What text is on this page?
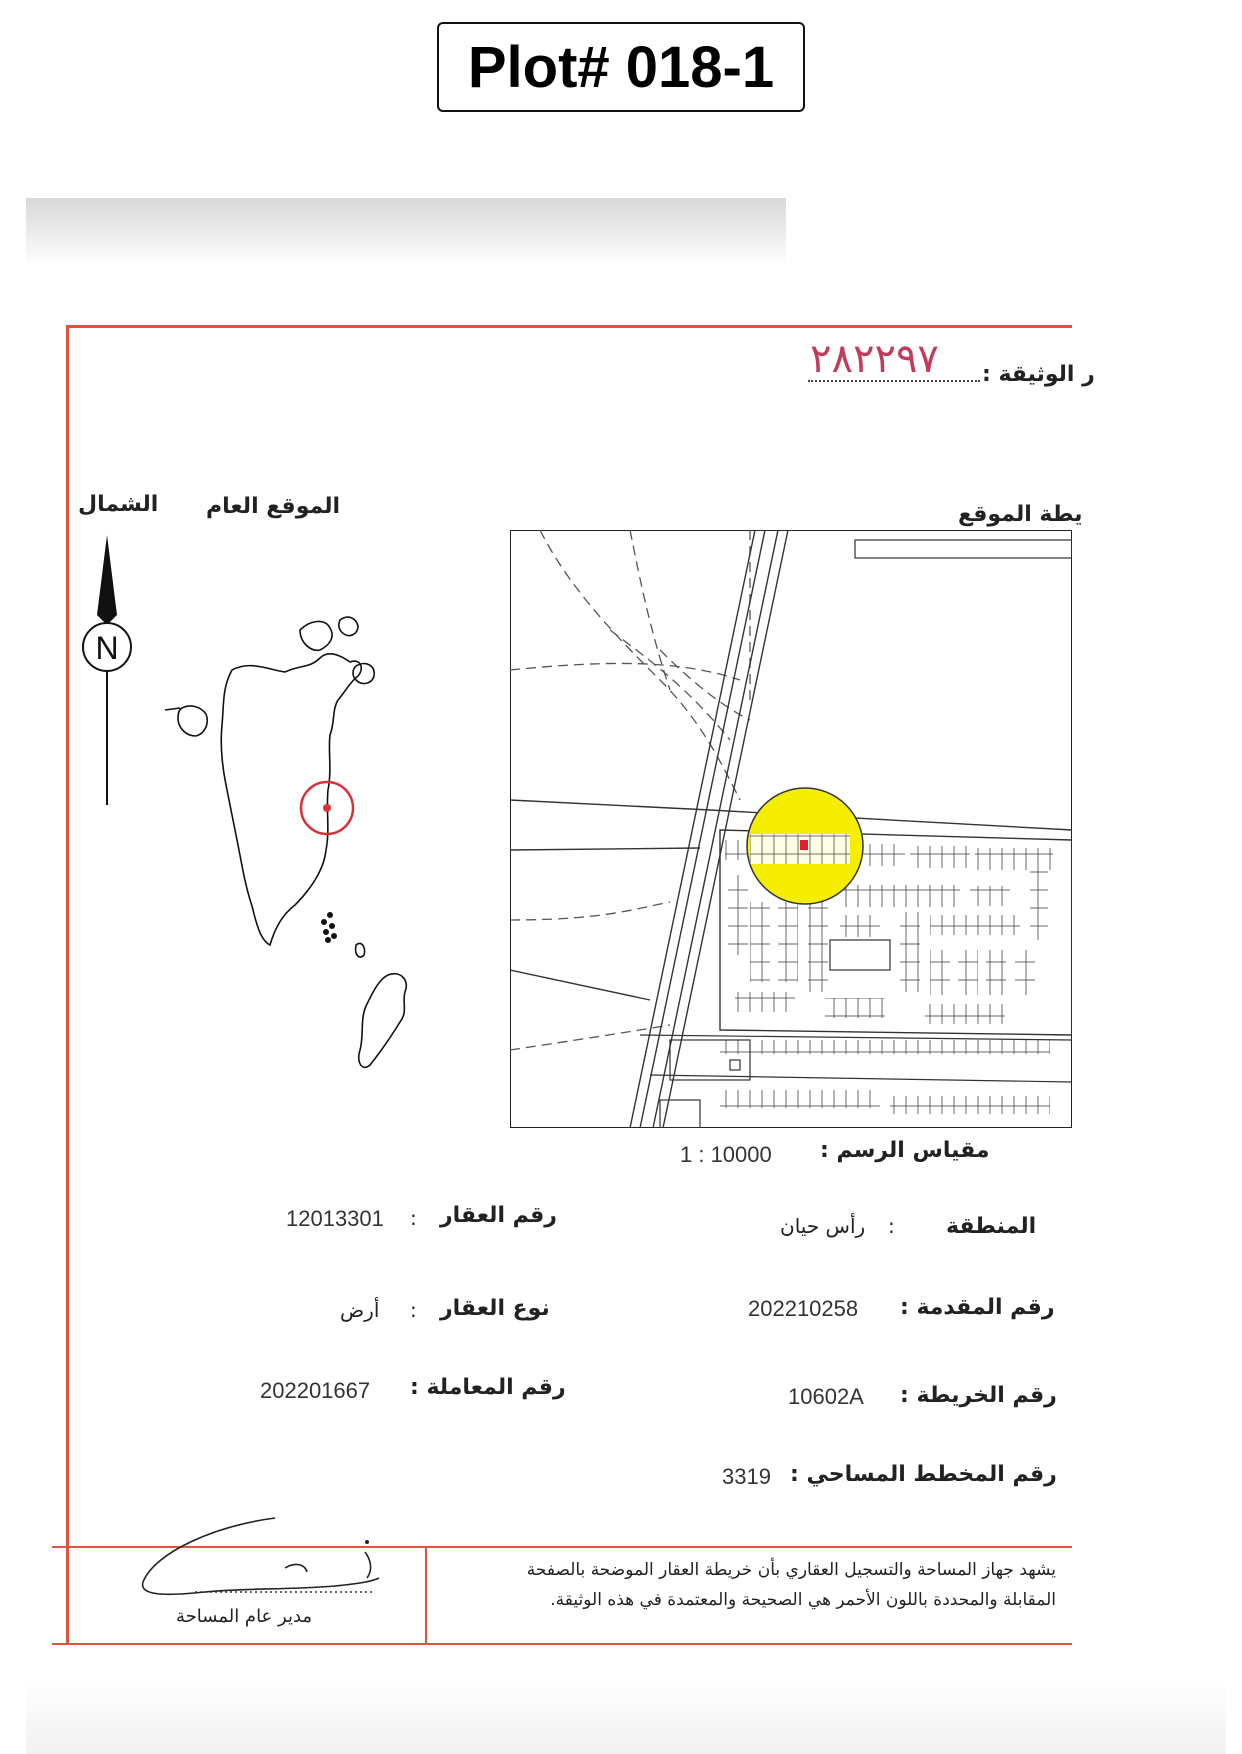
Plot# 018-1
٢٨٢٢٩٧ ر الوثيقة :
الشمال الموقع العام	يطة الموقع
N
مقياس الرسم :
1 : 10000
المنطقة
:
رأس حيان
رقم المقدمة :
202210258
رقم الخريطة :
10602A
رقم المخطط المساحي :
3319
رقم العقار
:
12013301
نوع العقار
:
أرض
رقم المعاملة :
202201667
يشهد جهاز المساحة والتسجيل العقاري بأن خريطة العقار الموضحة بالصفحة
المقابلة والمحددة باللون الأحمر هي الصحيحة والمعتمدة في هذه الوثيقة.
مدير عام المساحة
